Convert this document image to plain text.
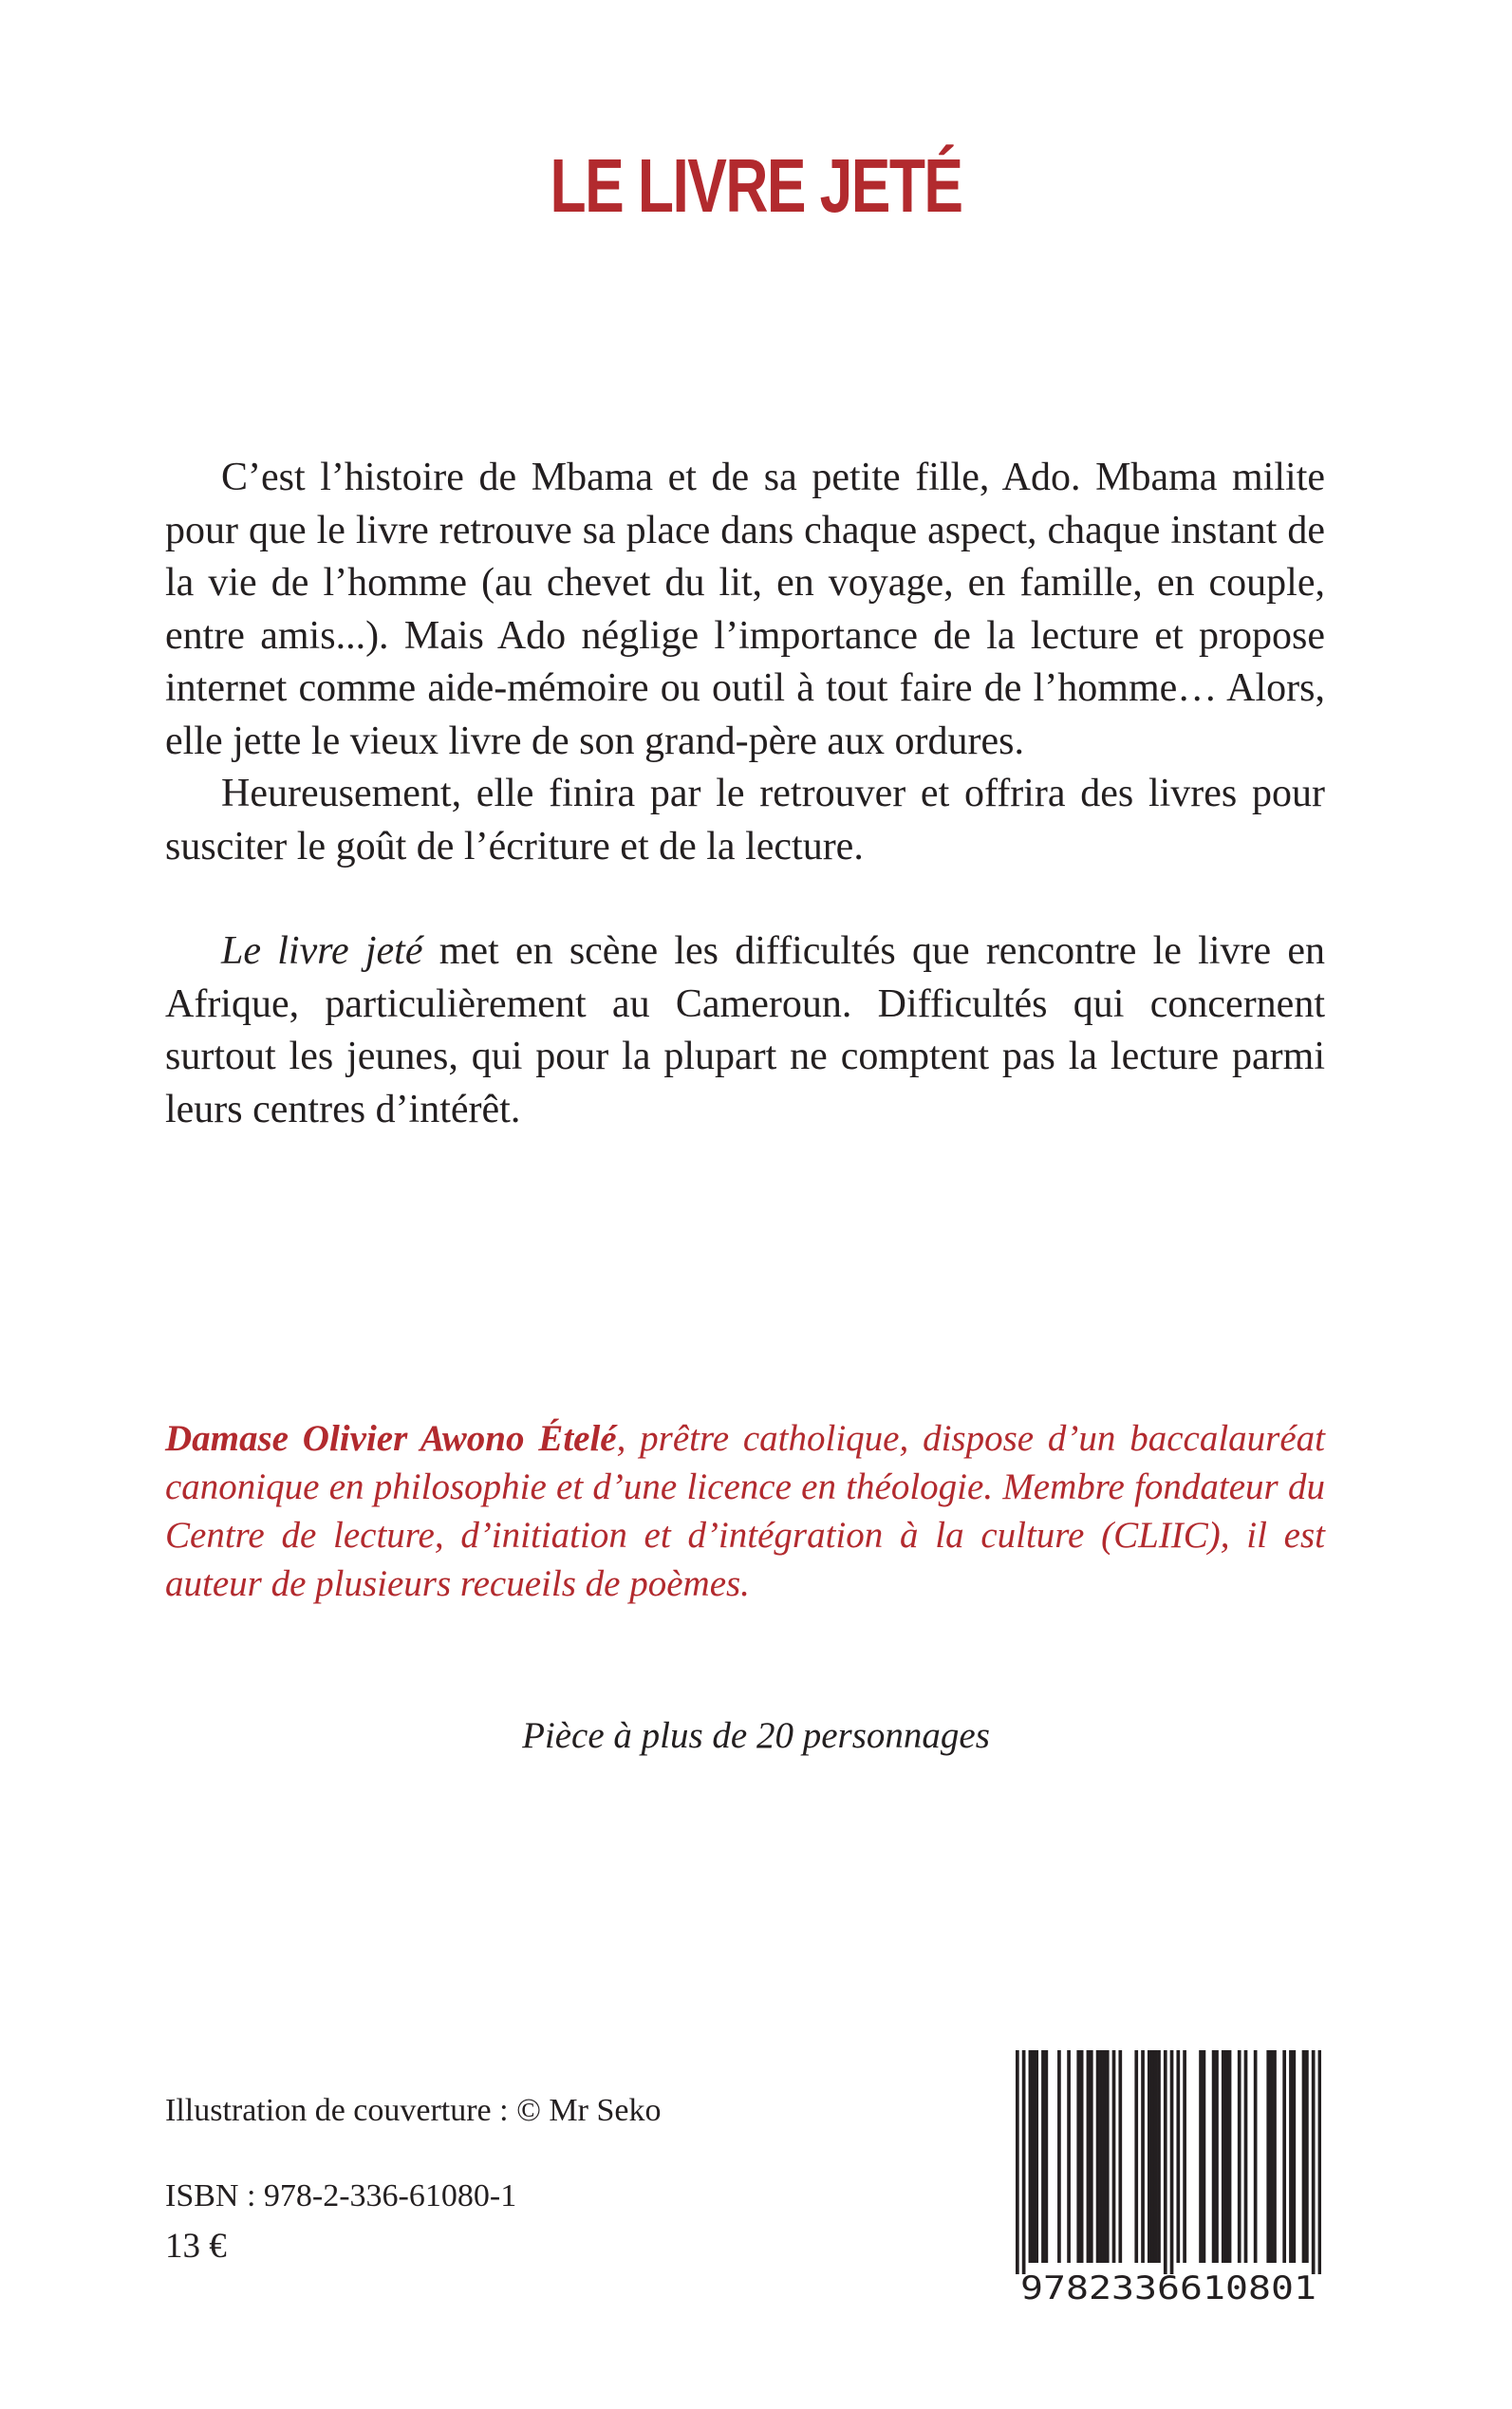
LE LIVRE JETÉ

C’est l’histoire de Mbama et de sa petite fille, Ado. Mbama milite pour que le livre retrouve sa place dans chaque aspect, chaque instant de la vie de l’homme (au chevet du lit, en voyage, en famille, en couple, entre amis...). Mais Ado néglige l’importance de la lecture et propose internet comme aide-mémoire ou outil à tout faire de l’homme… Alors, elle jette le vieux livre de son grand-père aux ordures.

Heureusement, elle finira par le retrouver et offrira des livres pour susciter le goût de l’écriture et de la lecture.

Le livre jeté met en scène les difficultés que rencontre le livre en Afrique, particulièrement au Cameroun. Difficultés qui concernent surtout les jeunes, qui pour la plupart ne comptent pas la lecture parmi leurs centres d’intérêt.

Damase Olivier Awono Ételé, prêtre catholique, dispose d’un baccalauréat canonique en philosophie et d’une licence en théologie. Membre fondateur du Centre de lecture, d’initiation et d’intégration à la culture (CLIIC), il est auteur de plusieurs recueils de poèmes.

Pièce à plus de 20 personnages

Illustration de couverture : © Mr Seko

ISBN : 978-2-336-61080-1

13 €

9782336610801
